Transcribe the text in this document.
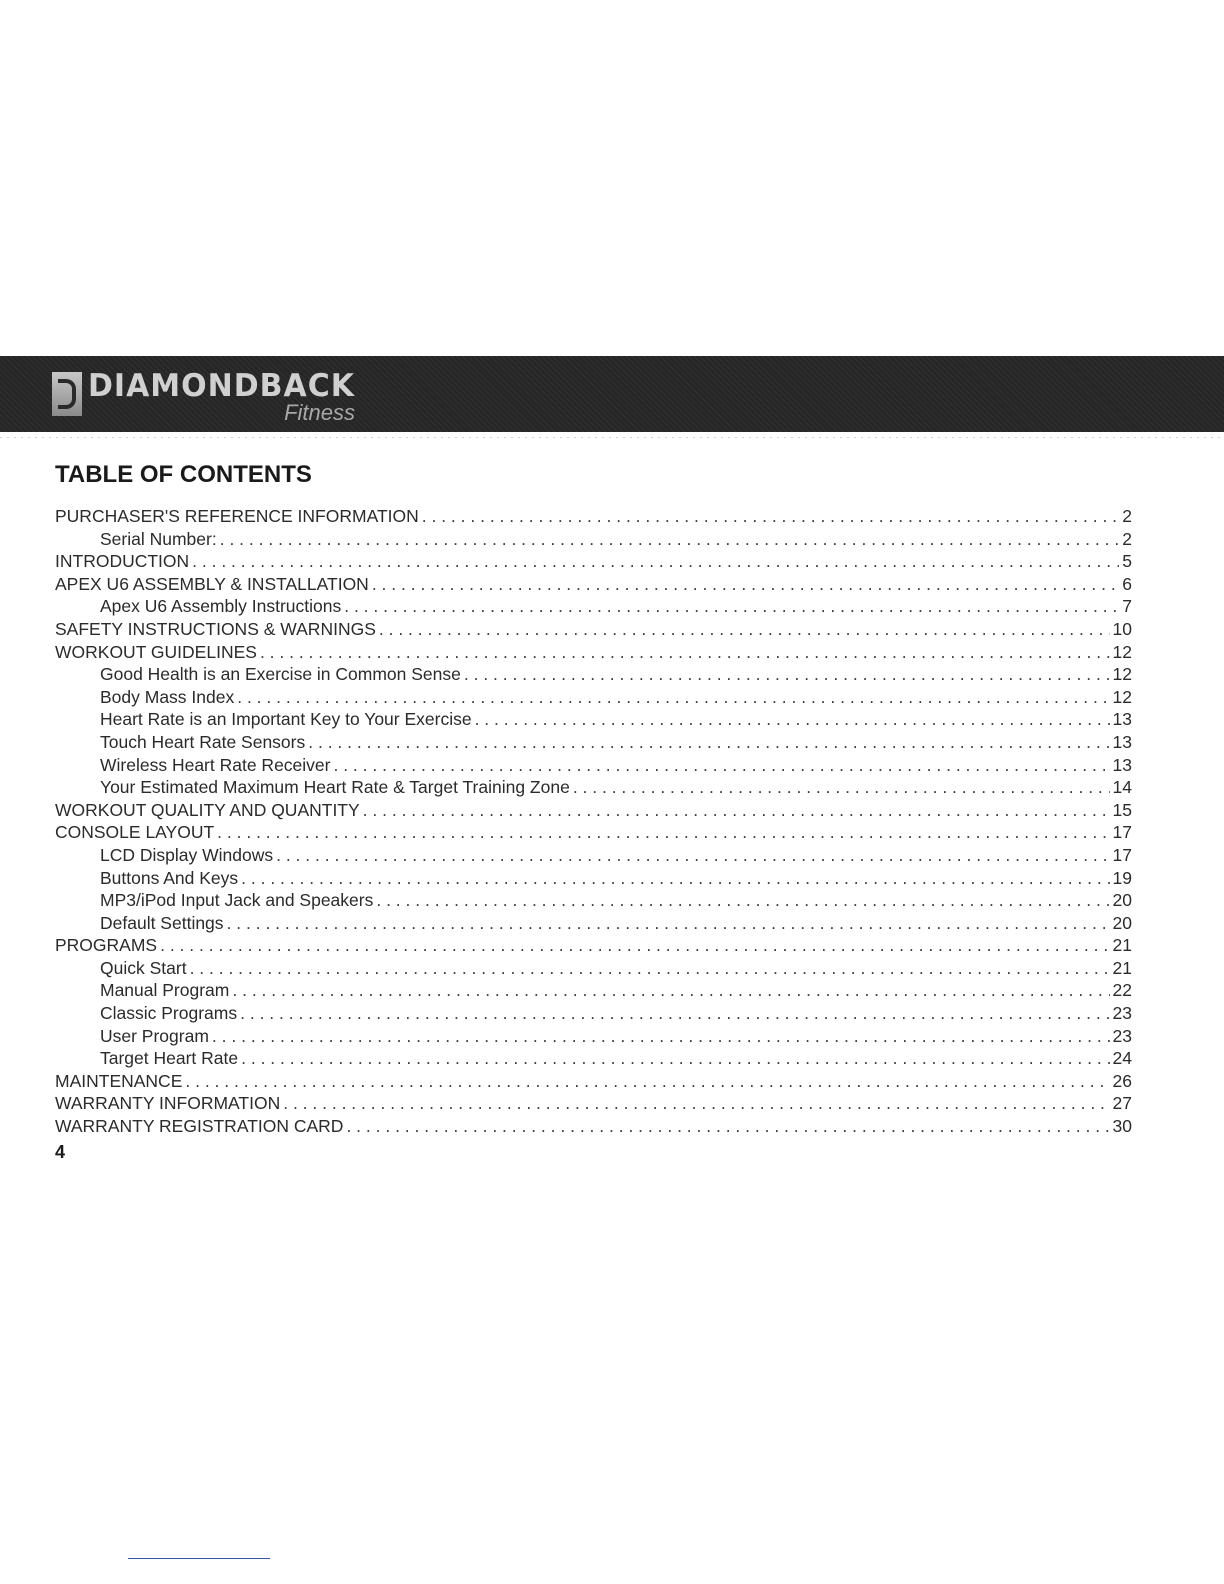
DIAMONDBACK
Fitness
TABLE OF CONTENTS
PURCHASER'S REFERENCE INFORMATION . . .	2
Serial Number: . . .	2
INTRODUCTION . . .	5
APEX U6 ASSEMBLY & INSTALLATION . . .	6
Apex U6 Assembly Instructions . . .	7
SAFETY INSTRUCTIONS & WARNINGS . . .	10
WORKOUT GUIDELINES . . .	12
Good Health is an Exercise in Common Sense . . .	12
Body Mass Index . . .	12
Heart Rate is an Important Key to Your Exercise . . .	13
Touch Heart Rate Sensors . . .	13
Wireless Heart Rate Receiver . . .	13
Your Estimated Maximum Heart Rate & Target Training Zone . . .	14
WORKOUT QUALITY AND QUANTITY . . .	15
CONSOLE LAYOUT . . .	17
LCD Display Windows . . .	17
Buttons And Keys . . .	19
MP3/iPod Input Jack and Speakers . . .	20
Default Settings . . .	20
PROGRAMS . . .	21
Quick Start . . .	21
Manual Program . . .	22
Classic Programs . . .	23
User Program . . .	23
Target Heart Rate . . .	24
MAINTENANCE . . .	26
WARRANTY INFORMATION . . .	27
WARRANTY REGISTRATION CARD . . .	30
4
